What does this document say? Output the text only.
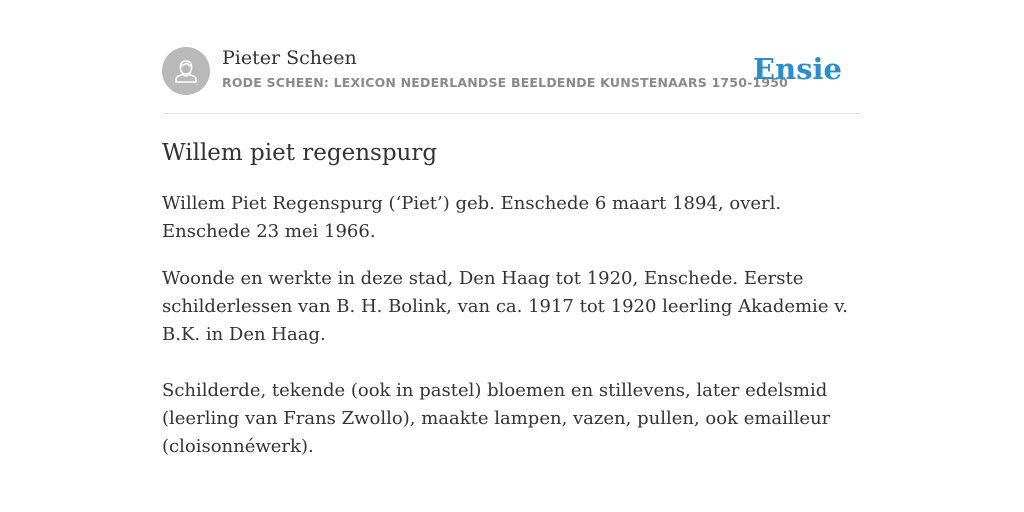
Pieter Scheen
RODE SCHEEN: LEXICON NEDERLANDSE BEELDENDE KUNSTENAARS 1750-1950
Ensie
Willem piet regenspurg

Willem Piet Regenspurg (‘Piet’) geb. Enschede 6 maart 1894, overl. Enschede 23 mei 1966.

Woonde en werkte in deze stad, Den Haag tot 1920, Enschede. Eerste schilderlessen van B. H. Bolink, van ca. 1917 tot 1920 leerling Akademie v. B.K. in Den Haag.

Schilderde, tekende (ook in pastel) bloemen en stillevens, later edelsmid (leerling van Frans Zwollo), maakte lampen, vazen, pullen, ook emailleur (cloisonnéwerk).
